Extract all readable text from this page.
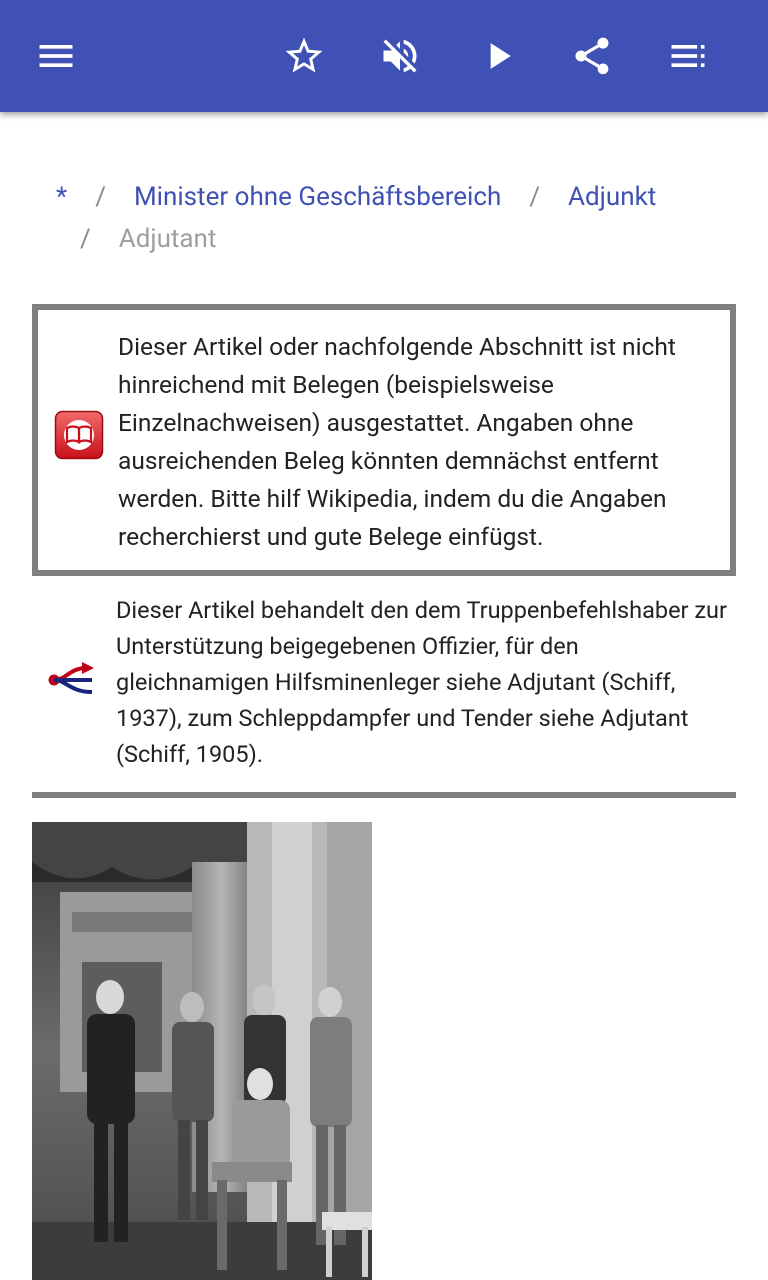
* / Minister ohne Geschäftsbereich / Adjunkt
/ Adjutant
Dieser Artikel oder nachfolgende Abschnitt ist nicht hinreichend mit Belegen (beispielsweise Einzelnachweisen) ausgestattet. Angaben ohne ausreichenden Beleg könnten demnächst entfernt werden. Bitte hilf Wikipedia, indem du die Angaben recherchierst und gute Belege einfügst.
Dieser Artikel behandelt den dem Truppenbefehlshaber zur Unterstützung beigegebenen Offizier, für den gleichnamigen Hilfsminenleger siehe Adjutant (Schiff, 1937), zum Schleppdampfer und Tender siehe Adjutant (Schiff, 1905).
